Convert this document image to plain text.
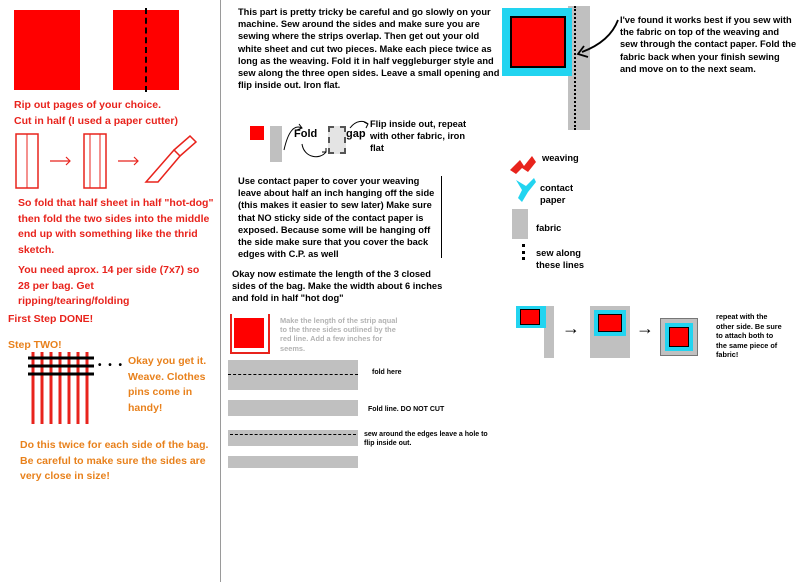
Rip out pages of your choice.
Cut in half (I used a paper cutter)
So fold that half sheet in half "hot-dog" then fold the two sides into the middle end up with something like the thrid sketch.
You need aprox. 14 per side (7x7) so 28 per bag. Get ripping/tearing/folding
First Step DONE!
Step TWO!
• • • Okay you get it. Weave. Clothes pins come in handy!
Do this twice for each side of the bag. Be careful to make sure the sides are very close in size!
This part is pretty tricky be careful and go slowly on your machine. Sew around the sides and make sure you are sewing where the strips overlap. Then get out your old white sheet and cut two pieces. Make each piece twice as long as the weaving. Fold it in half veggleburger style and sew along the three open sides. Leave a small opening and flip inside out. Iron flat.
Fold	gap
Flip inside out, repeat with other fabric, iron flat
Use contact paper to cover your weaving leave about half an inch hanging off the side (this makes it easier to sew later) Make sure that NO sticky side of the contact paper is exposed. Because some will be hanging off the side make sure that you cover the back edges with C.P. as well
Okay now estimate the length of the 3 closed sides of the bag. Make the width about 6 inches and fold in half "hot dog"
Make the length of the strip aqual to the three sides outlined by the red line. Add a few inches for seems.
fold here
Fold line. DO NOT CUT
sew around the edges leave a hole to flip inside out.
I've found it works best if you sew with the fabric on top of the weaving and sew through the contact paper. Fold the fabric back when your finish sewing and move on to the next seam.
weaving
contact paper
fabric
sew along these lines
→	→
repeat with the other side. Be sure to attach both to the same piece of fabric!
